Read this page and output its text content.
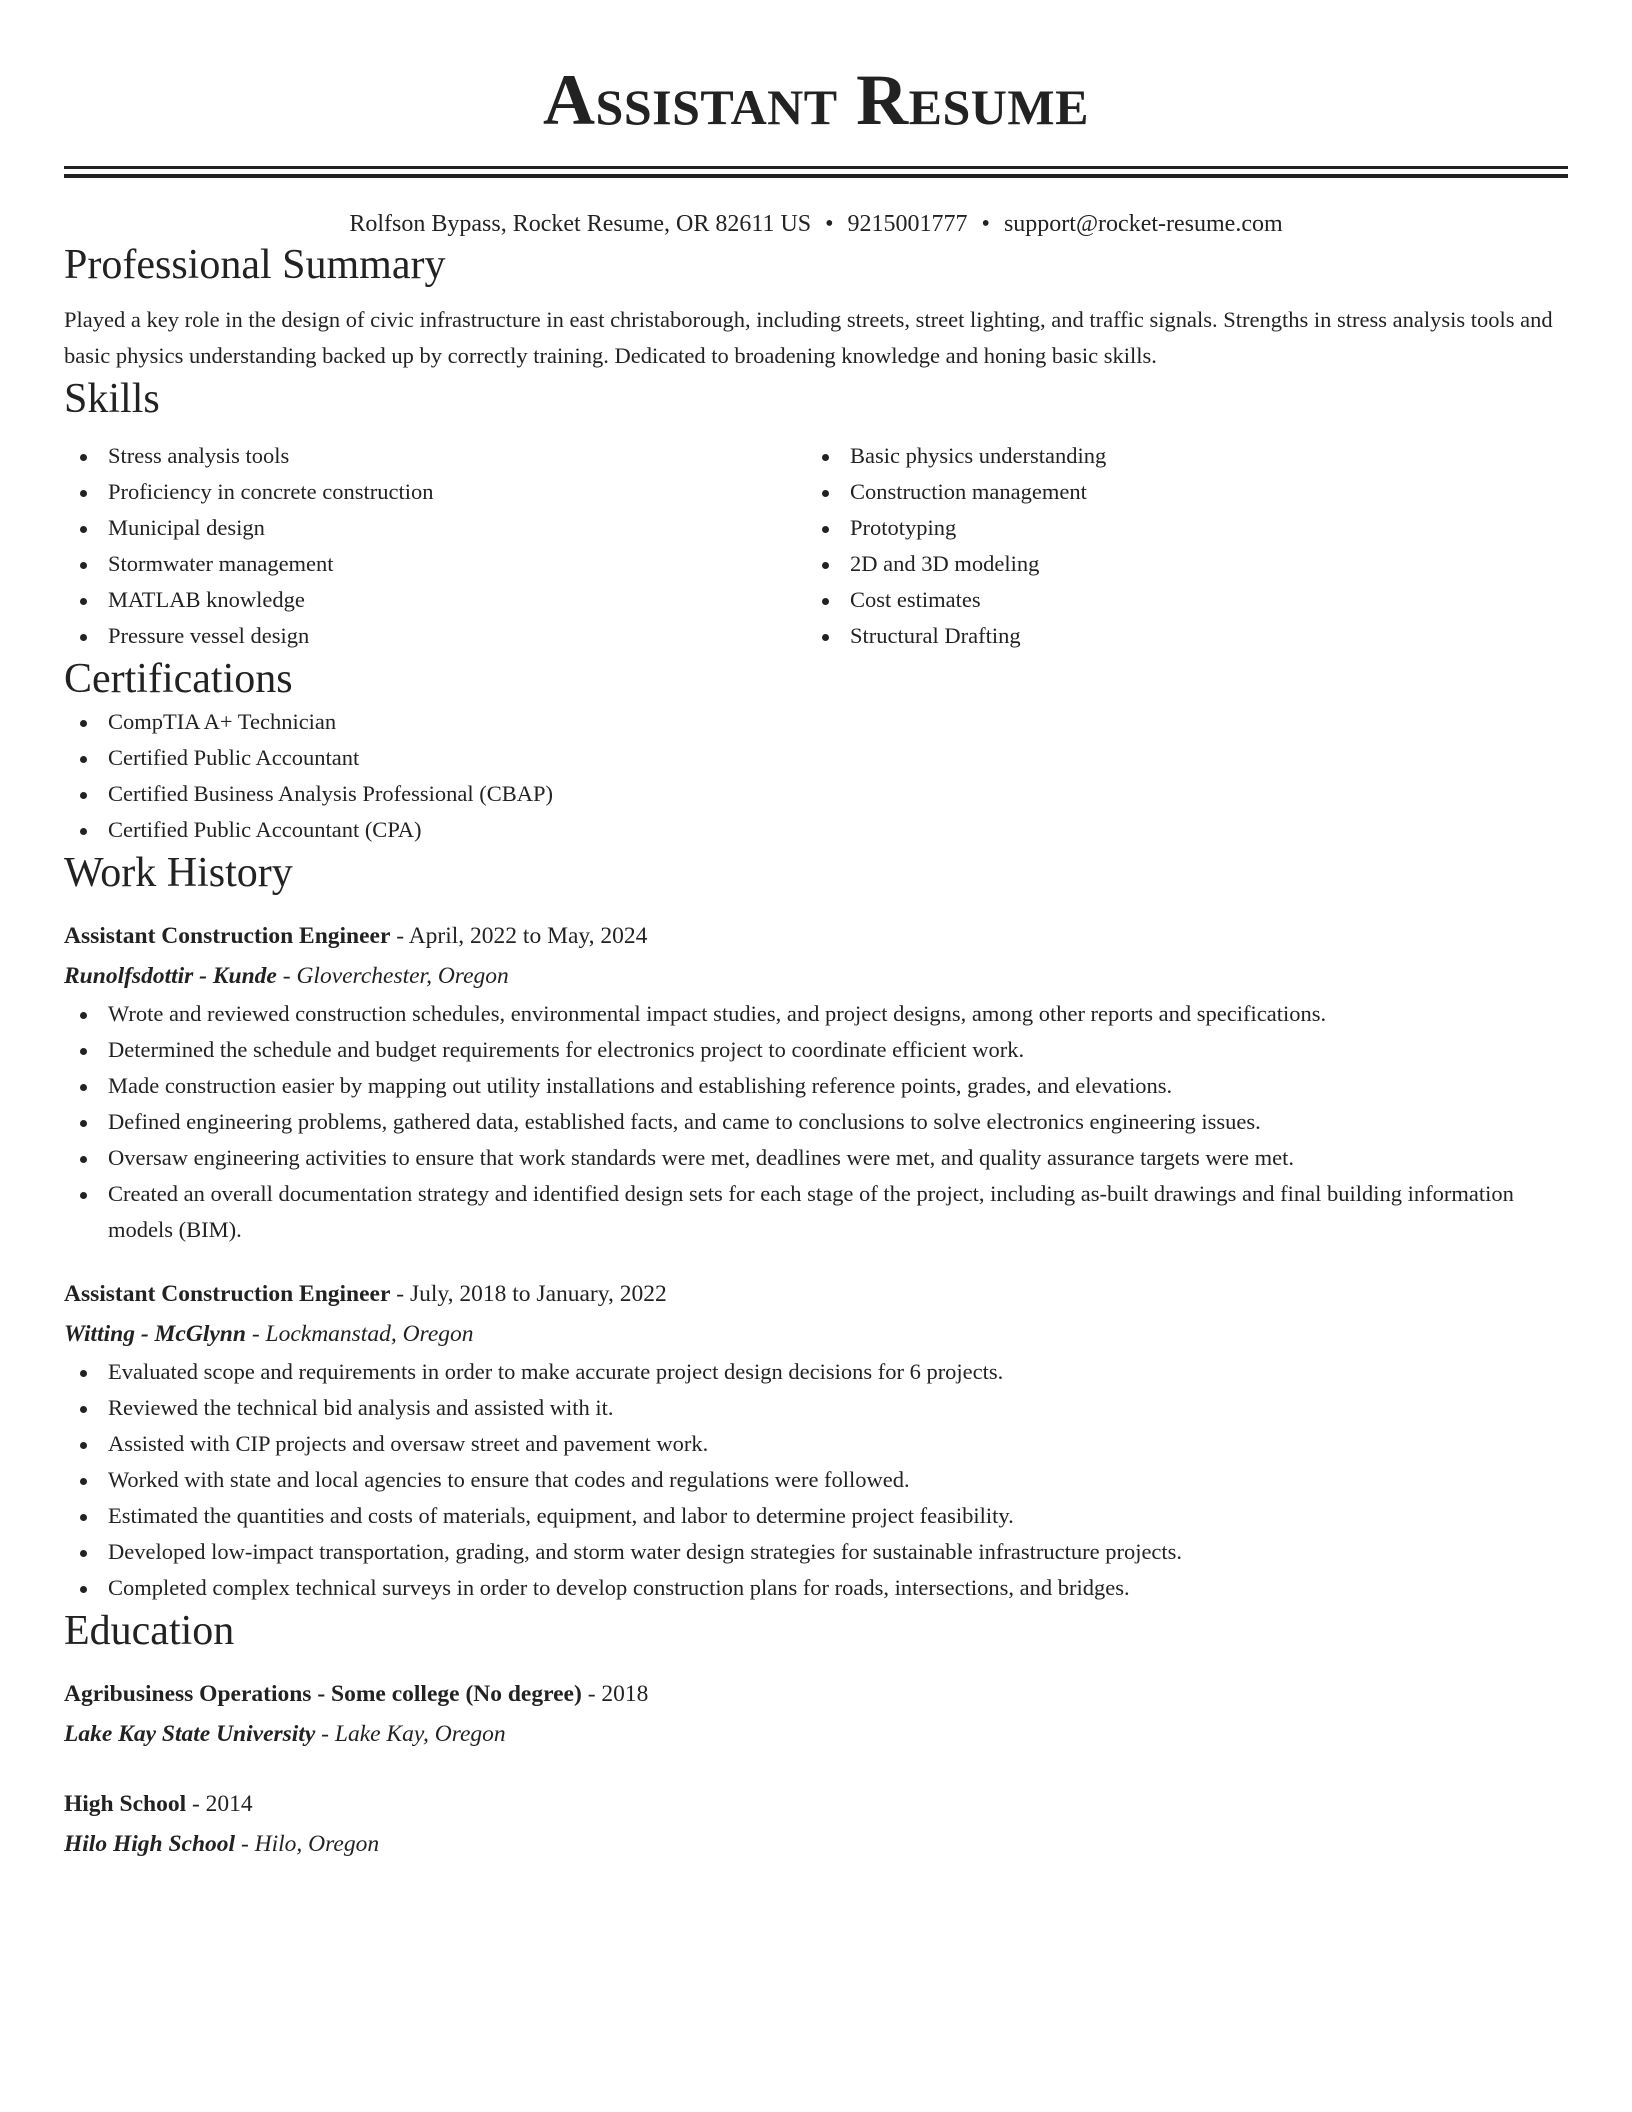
Assistant Resume
Rolfson Bypass, Rocket Resume, OR 82611 US • 9215001777 • support@rocket-resume.com
Professional Summary

Played a key role in the design of civic infrastructure in east christaborough, including streets, street lighting, and traffic signals. Strengths in stress analysis tools and basic physics understanding backed up by correctly training. Dedicated to broadening knowledge and honing basic skills.

Skills
Stress analysis tools
Proficiency in concrete construction
Municipal design
Stormwater management
MATLAB knowledge
Pressure vessel design
Basic physics understanding
Construction management
Prototyping
2D and 3D modeling
Cost estimates
Structural Drafting
Certifications
CompTIA A+ Technician
Certified Public Accountant
Certified Business Analysis Professional (CBAP)
Certified Public Accountant (CPA)
Work History
Assistant Construction Engineer - April, 2022 to May, 2024
Runolfsdottir - Kunde - Gloverchester, Oregon
Wrote and reviewed construction schedules, environmental impact studies, and project designs, among other reports and specifications.
Determined the schedule and budget requirements for electronics project to coordinate efficient work.
Made construction easier by mapping out utility installations and establishing reference points, grades, and elevations.
Defined engineering problems, gathered data, established facts, and came to conclusions to solve electronics engineering issues.
Oversaw engineering activities to ensure that work standards were met, deadlines were met, and quality assurance targets were met.
Created an overall documentation strategy and identified design sets for each stage of the project, including as-built drawings and final building information models (BIM).
Assistant Construction Engineer - July, 2018 to January, 2022
Witting - McGlynn - Lockmanstad, Oregon
Evaluated scope and requirements in order to make accurate project design decisions for 6 projects.
Reviewed the technical bid analysis and assisted with it.
Assisted with CIP projects and oversaw street and pavement work.
Worked with state and local agencies to ensure that codes and regulations were followed.
Estimated the quantities and costs of materials, equipment, and labor to determine project feasibility.
Developed low-impact transportation, grading, and storm water design strategies for sustainable infrastructure projects.
Completed complex technical surveys in order to develop construction plans for roads, intersections, and bridges.
Education
Agribusiness Operations - Some college (No degree) - 2018
Lake Kay State University - Lake Kay, Oregon
High School - 2014
Hilo High School - Hilo, Oregon
